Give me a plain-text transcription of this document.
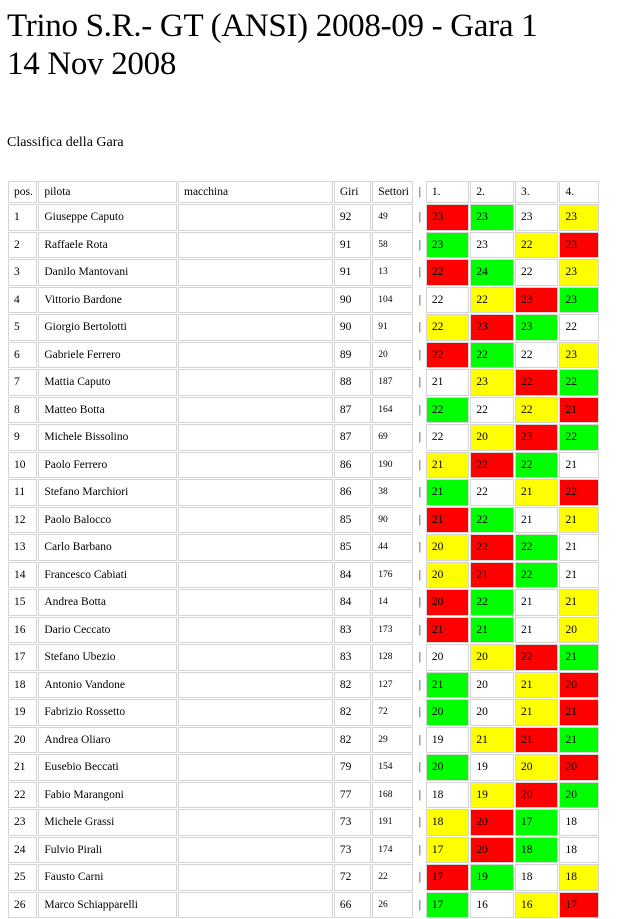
Trino S.R.- GT (ANSI) 2008-09 - Gara 1
14 Nov 2008
Classifica della Gara
pos.	pilota	macchina	Giri	Settori	|	1.	2.	3.	4.
1	Giuseppe Caputo		92	49	|	23	23	23	23
2	Raffaele Rota		91	58	|	23	23	22	23
3	Danilo Mantovani		91	13	|	22	24	22	23
4	Vittorio Bardone		90	104	|	22	22	23	23
5	Giorgio Bertolotti		90	91	|	22	23	23	22
6	Gabriele Ferrero		89	20	|	22	22	22	23
7	Mattia Caputo		88	187	|	21	23	22	22
8	Matteo Botta		87	164	|	22	22	22	21
9	Michele Bissolino		87	69	|	22	20	23	22
10	Paolo Ferrero		86	190	|	21	22	22	21
11	Stefano Marchiori		86	38	|	21	22	21	22
12	Paolo Balocco		85	90	|	21	22	21	21
13	Carlo Barbano		85	44	|	20	22	22	21
14	Francesco Cabiati		84	176	|	20	21	22	21
15	Andrea Botta		84	14	|	20	22	21	21
16	Dario Ceccato		83	173	|	21	21	21	20
17	Stefano Ubezio		83	128	|	20	20	22	21
18	Antonio Vandone		82	127	|	21	20	21	20
19	Fabrizio Rossetto		82	72	|	20	20	21	21
20	Andrea Oliaro		82	29	|	19	21	21	21
21	Eusebio Beccati		79	154	|	20	19	20	20
22	Fabio Marangoni		77	168	|	18	19	20	20
23	Michele Grassi		73	191	|	18	20	17	18
24	Fulvio Pirali		73	174	|	17	20	18	18
25	Fausto Carni		72	22	|	17	19	18	18
26	Marco Schiapparelli		66	26	|	17	16	16	17
